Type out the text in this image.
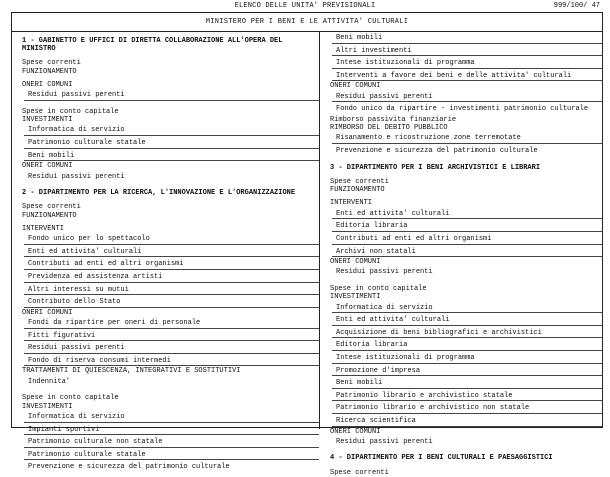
ELENCO DELLE UNITA' PREVISIONALI	999/100/ 47
MINISTERO PER I BENI E LE ATTIVITA' CULTURALI
1 - GABINETTO E UFFICI DI DIRETTA COLLABORAZIONE ALL'OPERA DEL MINISTRO
Spese correnti
FUNZIONAMENTO
ONERI COMUNI
Residui passivi perenti
Spese in conto capitale
INVESTIMENTI
Informatica di servizio
Patrimonio culturale statale
Beni mobili
ONERI COMUNI
Residui passivi perenti
2 - DIPARTIMENTO PER LA RICERCA, L'INNOVAZIONE E L'ORGANIZZAZIONE
Spese correnti
FUNZIONAMENTO
INTERVENTI
Fondo unico per lo spettacolo
Enti ed attivita' culturali
Contributi ad enti ed altri organismi
Previdenza ed assistenza artisti
Altri interessi su mutui
Contributo dello Stato
ONERI COMUNI
Fondi da ripartire per oneri di personale
Fitti figurativi
Residui passivi perenti
Fondo di riserva consumi intermedi
TRATTAMENTI DI QUIESCENZA, INTEGRATIVI E SOSTITUTIVI
Indennita'
Spese in conto capitale
INVESTIMENTI
Informatica di servizio
Impianti sportivi
Patrimonio culturale non statale
Patrimonio culturale statale
Prevenzione e sicurezza del patrimonio culturale
Beni mobili
Altri investimenti
Intese istituzionali di programma
Interventi a favore dei beni e delle attivita' culturali
ONERI COMUNI
Residui passivi perenti
Fondo unico da ripartire - investimenti patrimonio culturale
Rimborso passivita finanziarie
RIMBORSO DEL DEBITO PUBBLICO
Risanamento e ricostruzione zone terremotate
Prevenzione e sicurezza del patrimonio culturale
3 - DIPARTIMENTO PER I BENI ARCHIVISTICI E LIBRARI
Spese correnti
FUNZIONAMENTO
INTERVENTI
Enti ed attivita' culturali
Editoria libraria
Contributi ad enti ed altri organismi
Archivi non statali
ONERI COMUNI
Residui passivi perenti
Spese in conto capitale
INVESTIMENTI
Informatica di servizio
Enti ed attivita' culturali
Acquisizione di beni bibliografici e archivistici
Editoria libraria
Intese istituzionali di programma
Promozione d'impresa
Beni mobili
Patrimonio librario e archivistico statale
Patrimonio librario e archivistico non statale
Ricerca scientifica
ONERI COMUNI
Residui passivi perenti
4 - DIPARTIMENTO PER I BENI CULTURALI E PAESAGGISTICI
Spese correnti
